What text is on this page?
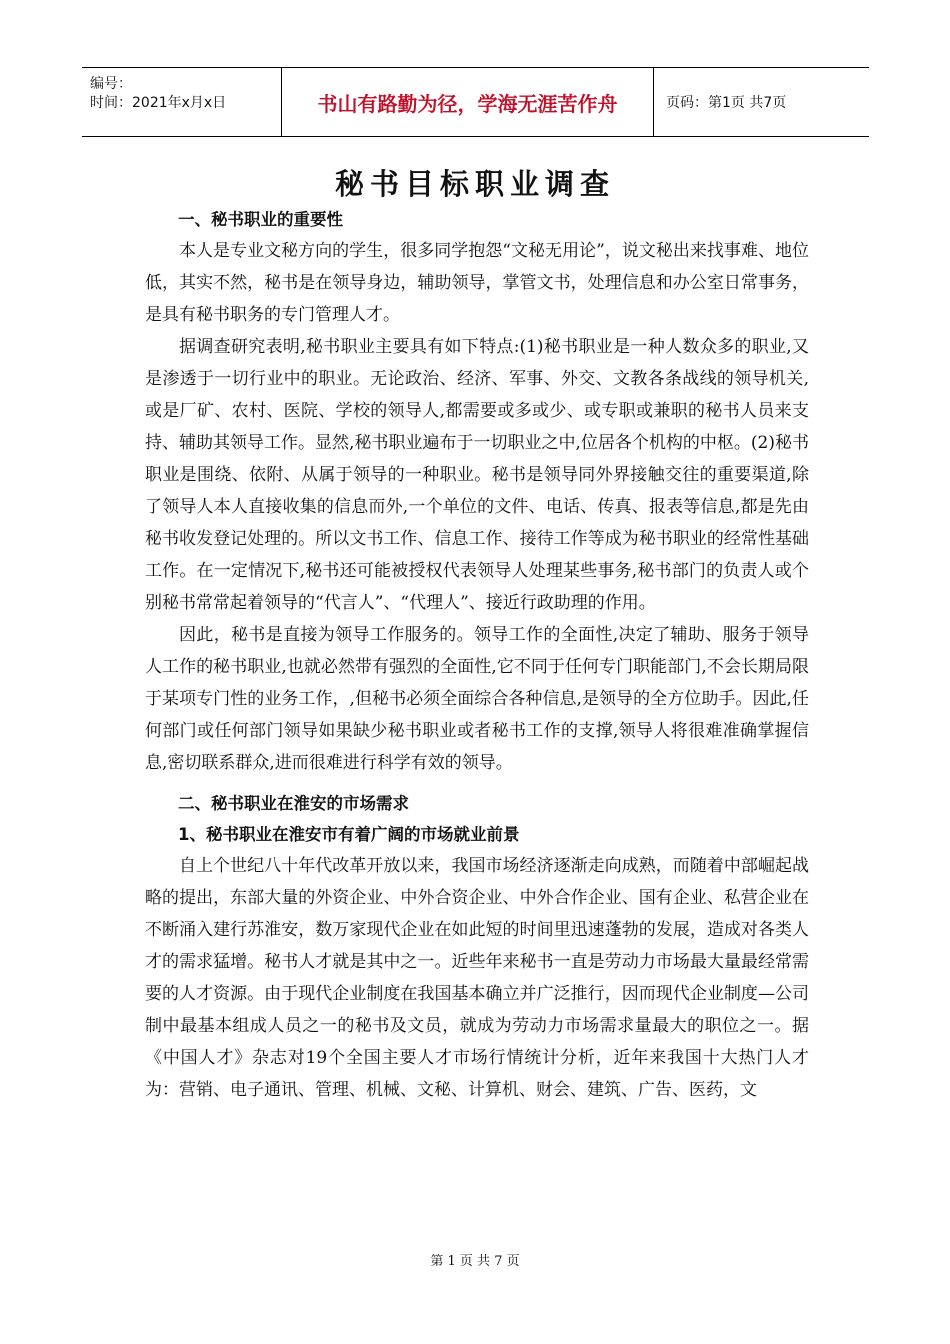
编号：
时间：2021年x月x日	书山有路勤为径，学海无涯苦作舟	页码：第1页 共7页
秘书目标职业调查

一、秘书职业的重要性

本人是专业文秘方向的学生，很多同学抱怨“文秘无用论”，说文秘出来找事难、地位低，其实不然，秘书是在领导身边，辅助领导，掌管文书，处理信息和办公室日常事务，是具有秘书职务的专门管理人才。

据调查研究表明,秘书职业主要具有如下特点:(1)秘书职业是一种人数众多的职业,又是渗透于一切行业中的职业。无论政治、经济、军事、外交、文教各条战线的领导机关,或是厂矿、农村、医院、学校的领导人,都需要或多或少、或专职或兼职的秘书人员来支持、辅助其领导工作。显然,秘书职业遍布于一切职业之中,位居各个机构的中枢。(2)秘书职业是围绕、依附、从属于领导的一种职业。秘书是领导同外界接触交往的重要渠道,除了领导人本人直接收集的信息而外,一个单位的文件、电话、传真、报表等信息,都是先由秘书收发登记处理的。所以文书工作、信息工作、接待工作等成为秘书职业的经常性基础工作。在一定情况下,秘书还可能被授权代表领导人处理某些事务,秘书部门的负责人或个别秘书常常起着领导的“代言人”、“代理人”、接近行政助理的作用。

因此，秘书是直接为领导工作服务的。领导工作的全面性,决定了辅助、服务于领导人工作的秘书职业,也就必然带有强烈的全面性,它不同于任何专门职能部门,不会长期局限于某项专门性的业务工作，,但秘书必须全面综合各种信息,是领导的全方位助手。因此,任何部门或任何部门领导如果缺少秘书职业或者秘书工作的支撑,领导人将很难准确掌握信息,密切联系群众,进而很难进行科学有效的领导。

二、秘书职业在淮安的市场需求

1、秘书职业在淮安市有着广阔的市场就业前景

自上个世纪八十年代改革开放以来，我国市场经济逐渐走向成熟，而随着中部崛起战略的提出，东部大量的外资企业、中外合资企业、中外合作企业、国有企业、私营企业在不断涌入建行苏淮安，数万家现代企业在如此短的时间里迅速蓬勃的发展，造成对各类人才的需求猛增。秘书人才就是其中之一。近些年来秘书一直是劳动力市场最大量最经常需要的人才资源。由于现代企业制度在我国基本确立并广泛推行，因而现代企业制度—公司制中最基本组成人员之一的秘书及文员，就成为劳动力市场需求量最大的职位之一。据《中国人才》杂志对19个全国主要人才市场行情统计分析，近年来我国十大热门人才为：营销、电子通讯、管理、机械、文秘、计算机、财会、建筑、广告、医药，文

第 1 页 共 7 页
